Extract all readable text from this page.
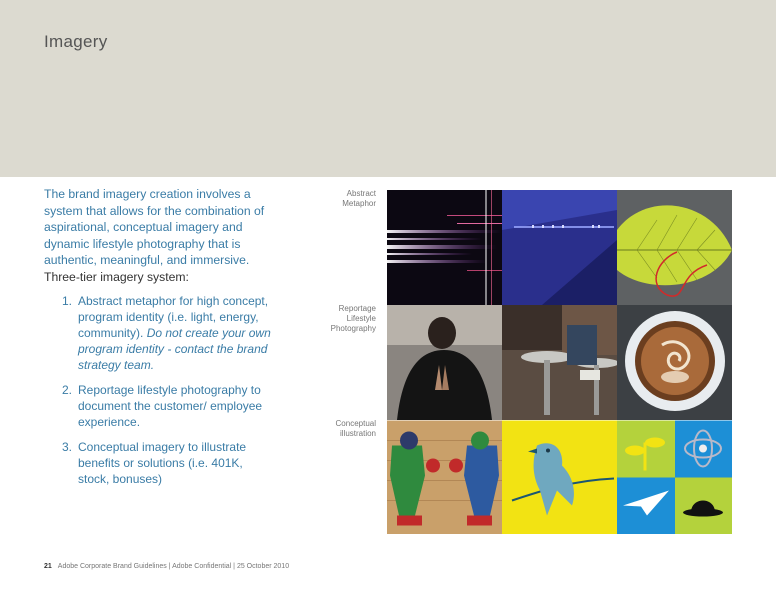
Imagery

The brand imagery creation involves a system that allows for the combination of aspirational, conceptual imagery and dynamic lifestyle photography that is authentic, meaningful, and immersive.

Three-tier imagery system:

1. Abstract metaphor for high concept, program identity (i.e. light, energy, community). Do not create your own program identity - contact the brand strategy team.
2. Reportage lifestyle photography to document the customer/ employee experience.
3. Conceptual imagery to illustrate benefits or solutions (i.e. 401K, stock, bonuses)
Abstract
Metaphor
Reportage
Lifestyle
Photography
Conceptual
illustration
21 Adobe Corporate Brand Guidelines | Adobe Confidential | 25 October 2010
